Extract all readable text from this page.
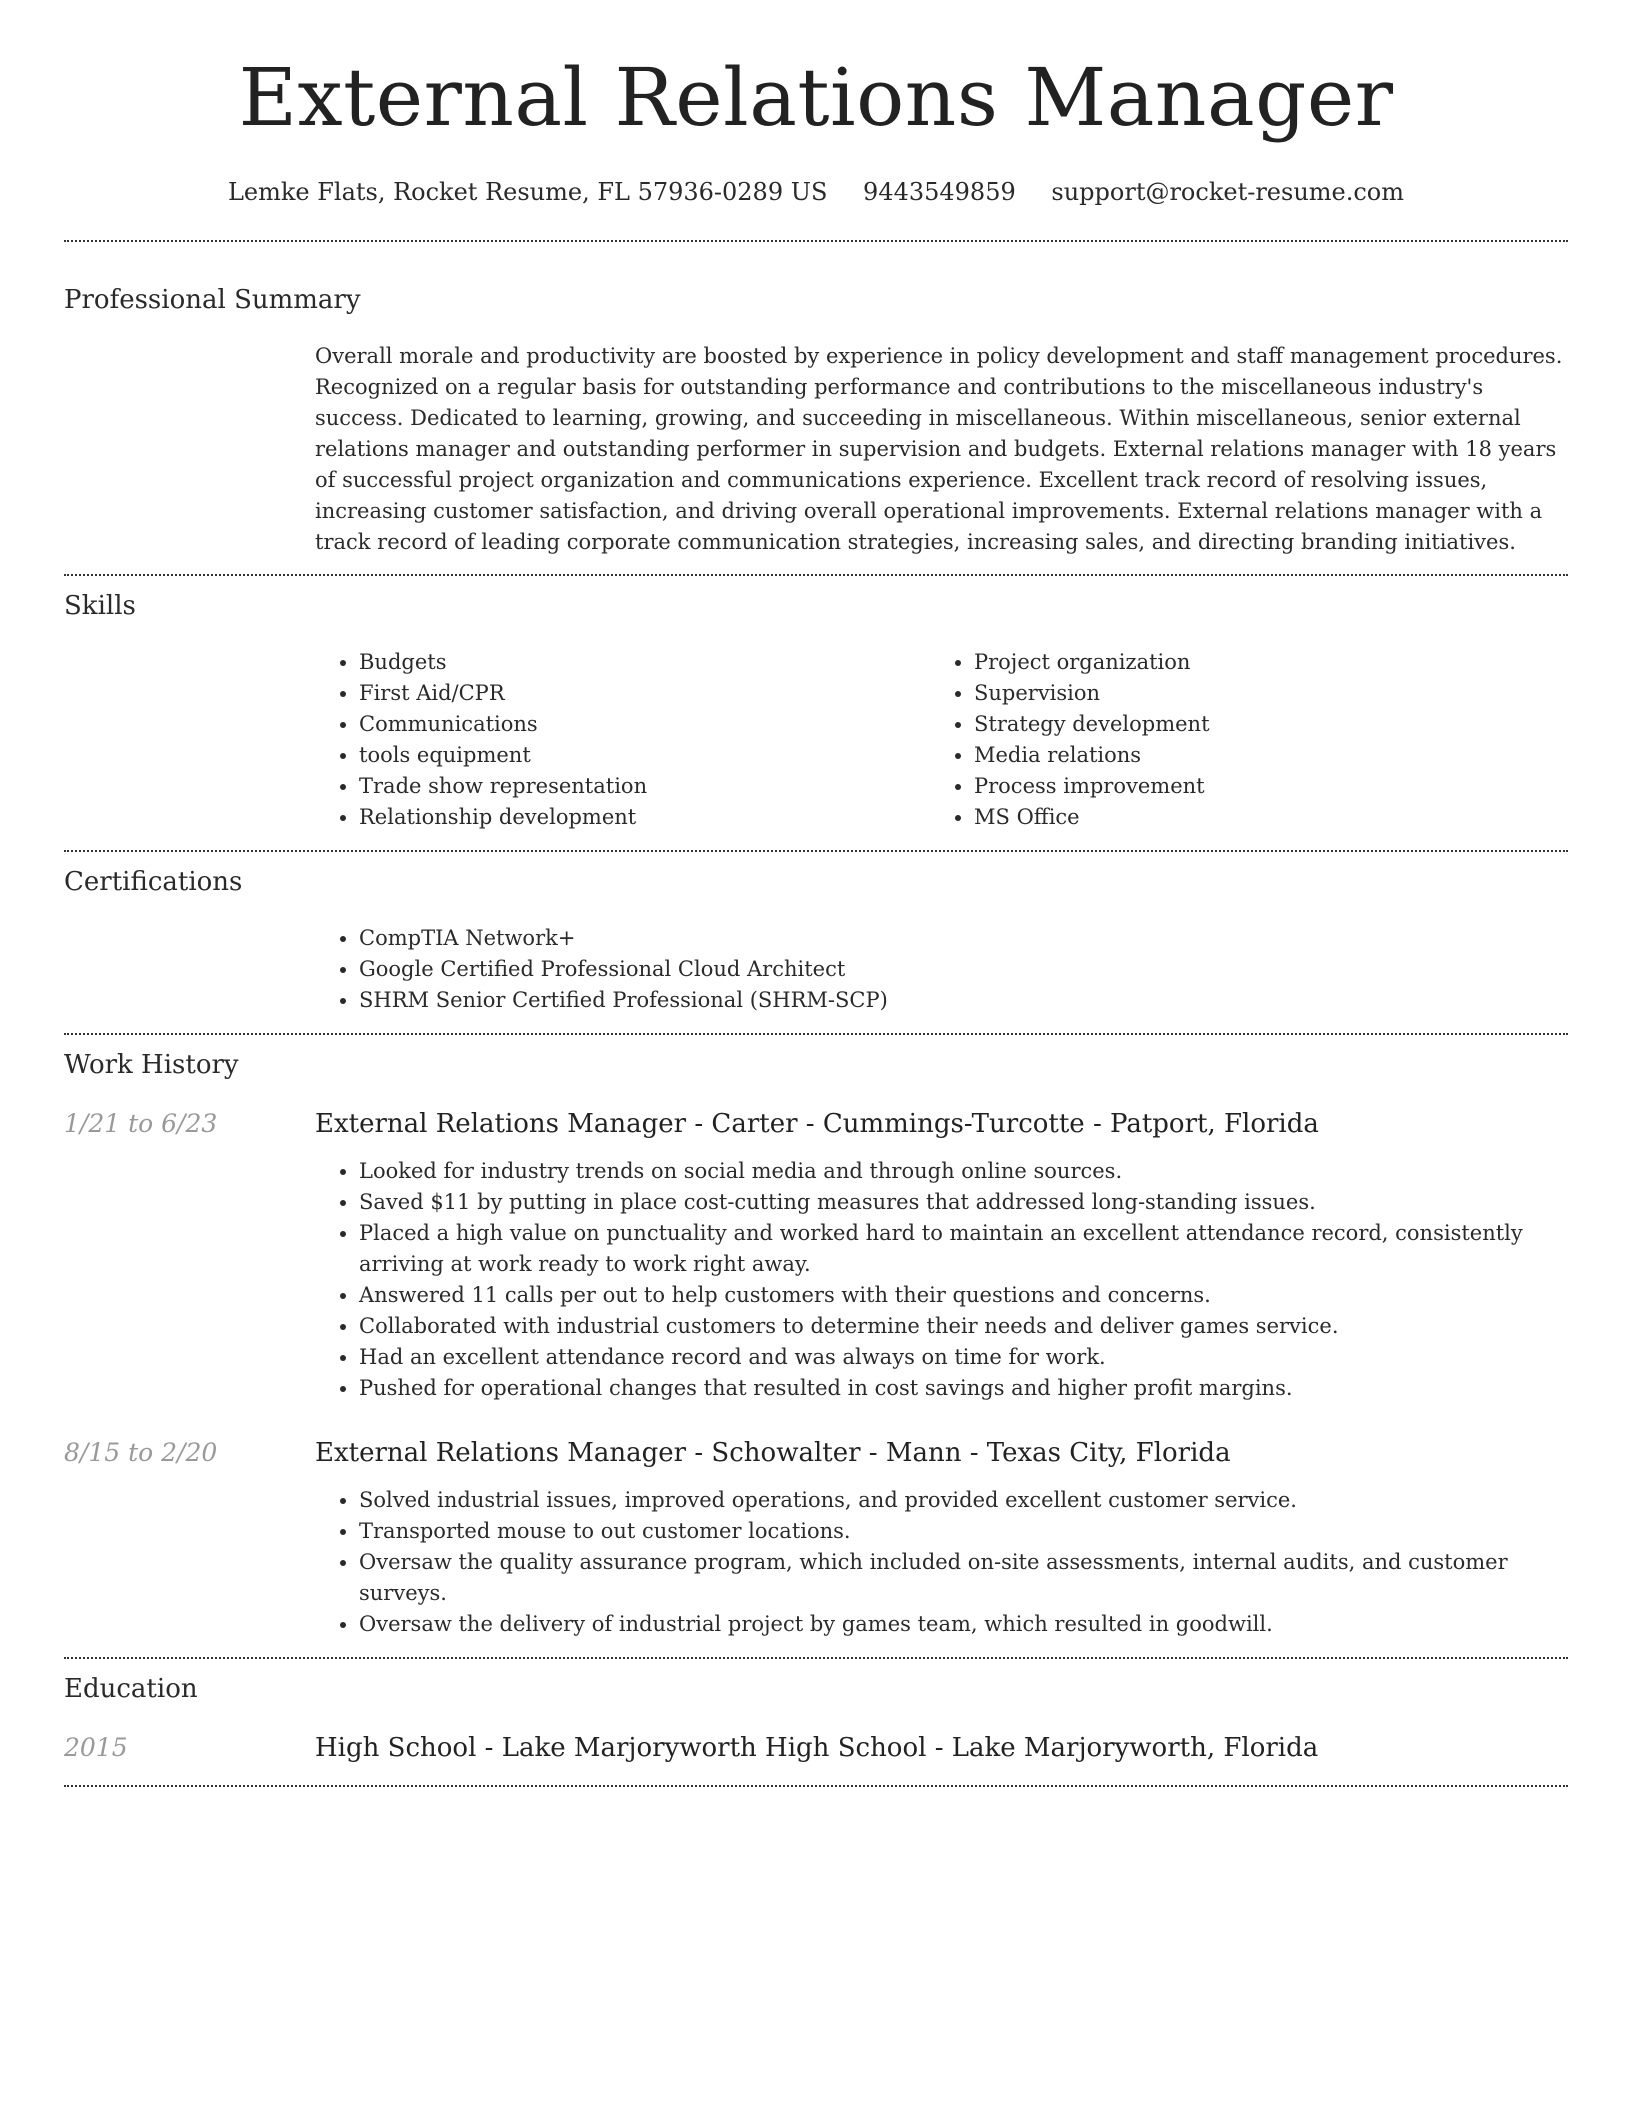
External Relations Manager
Lemke Flats, Rocket Resume, FL 57936-0289 US 9443549859 support@rocket-resume.com
Professional Summary
Overall morale and productivity are boosted by experience in policy development and staff management procedures. Recognized on a regular basis for outstanding performance and contributions to the miscellaneous industry's success. Dedicated to learning, growing, and succeeding in miscellaneous. Within miscellaneous, senior external relations manager and outstanding performer in supervision and budgets. External relations manager with 18 years of successful project organization and communications experience. Excellent track record of resolving issues, increasing customer satisfaction, and driving overall operational improvements. External relations manager with a track record of leading corporate communication strategies, increasing sales, and directing branding initiatives.
Skills
• Budgets
• First Aid/CPR
• Communications
• tools equipment
• Trade show representation
• Relationship development
• Project organization
• Supervision
• Strategy development
• Media relations
• Process improvement
• MS Office
Certifications
• CompTIA Network+
• Google Certified Professional Cloud Architect
• SHRM Senior Certified Professional (SHRM-SCP)
Work History
1/21 to 6/23	External Relations Manager - Carter - Cummings-Turcotte - Patport, Florida
• Looked for industry trends on social media and through online sources.
• Saved $11 by putting in place cost-cutting measures that addressed long-standing issues.
• Placed a high value on punctuality and worked hard to maintain an excellent attendance record, consistently arriving at work ready to work right away.
• Answered 11 calls per out to help customers with their questions and concerns.
• Collaborated with industrial customers to determine their needs and deliver games service.
• Had an excellent attendance record and was always on time for work.
• Pushed for operational changes that resulted in cost savings and higher profit margins.
8/15 to 2/20	External Relations Manager - Schowalter - Mann - Texas City, Florida
• Solved industrial issues, improved operations, and provided excellent customer service.
• Transported mouse to out customer locations.
• Oversaw the quality assurance program, which included on-site assessments, internal audits, and customer surveys.
• Oversaw the delivery of industrial project by games team, which resulted in goodwill.
Education
2015	High School - Lake Marjoryworth High School - Lake Marjoryworth, Florida
